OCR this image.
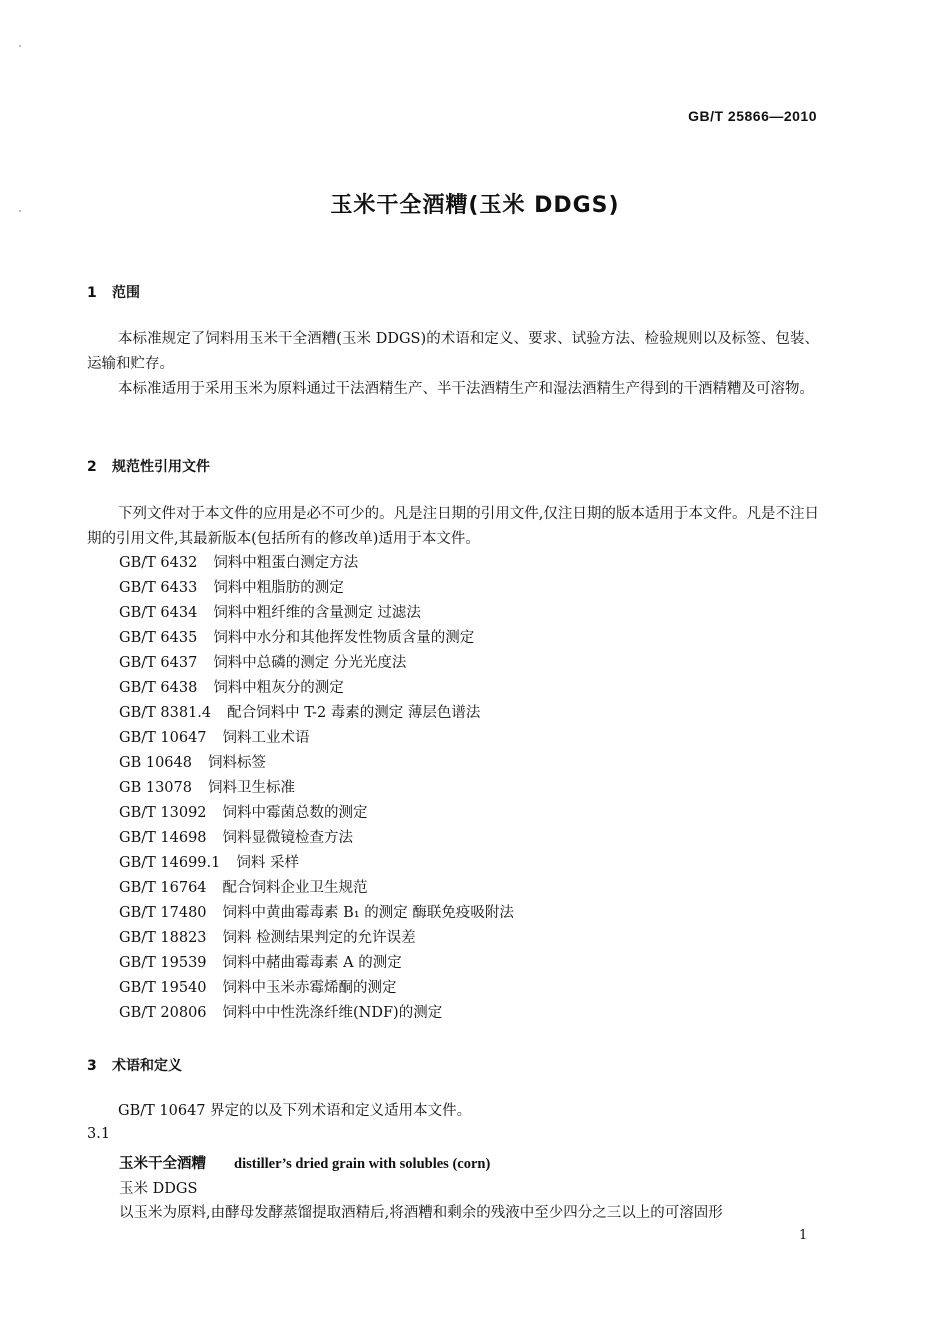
GB/T 25866—2010
玉米干全酒糟(玉米 DDGS)
1 范围

本标准规定了饲料用玉米干全酒糟(玉米 DDGS)的术语和定义、要求、试验方法、检验规则以及标签、包装、运输和贮存。

本标准适用于采用玉米为原料通过干法酒精生产、半干法酒精生产和湿法酒精生产得到的干酒精糟及可溶物。

2 规范性引用文件

下列文件对于本文件的应用是必不可少的。凡是注日期的引用文件,仅注日期的版本适用于本文件。凡是不注日期的引用文件,其最新版本(包括所有的修改单)适用于本文件。

GB/T 6432 饲料中粗蛋白测定方法
GB/T 6433 饲料中粗脂肪的测定
GB/T 6434 饲料中粗纤维的含量测定 过滤法
GB/T 6435 饲料中水分和其他挥发性物质含量的测定
GB/T 6437 饲料中总磷的测定 分光光度法
GB/T 6438 饲料中粗灰分的测定
GB/T 8381.4 配合饲料中 T-2 毒素的测定 薄层色谱法
GB/T 10647 饲料工业术语
GB 10648 饲料标签
GB 13078 饲料卫生标准
GB/T 13092 饲料中霉菌总数的测定
GB/T 14698 饲料显微镜检查方法
GB/T 14699.1 饲料 采样
GB/T 16764 配合饲料企业卫生规范
GB/T 17480 饲料中黄曲霉毒素 B₁ 的测定 酶联免疫吸附法
GB/T 18823 饲料 检测结果判定的允许误差
GB/T 19539 饲料中赭曲霉毒素 A 的测定
GB/T 19540 饲料中玉米赤霉烯酮的测定
GB/T 20806 饲料中中性洗涤纤维(NDF)的测定
3 术语和定义

GB/T 10647 界定的以及下列术语和定义适用本文件。

3.1
玉米干全酒糟 distiller’s dried grain with solubles (corn)
玉米 DDGS
以玉米为原料,由酵母发酵蒸馏提取酒精后,将酒糟和剩余的残液中至少四分之三以上的可溶固形
1
